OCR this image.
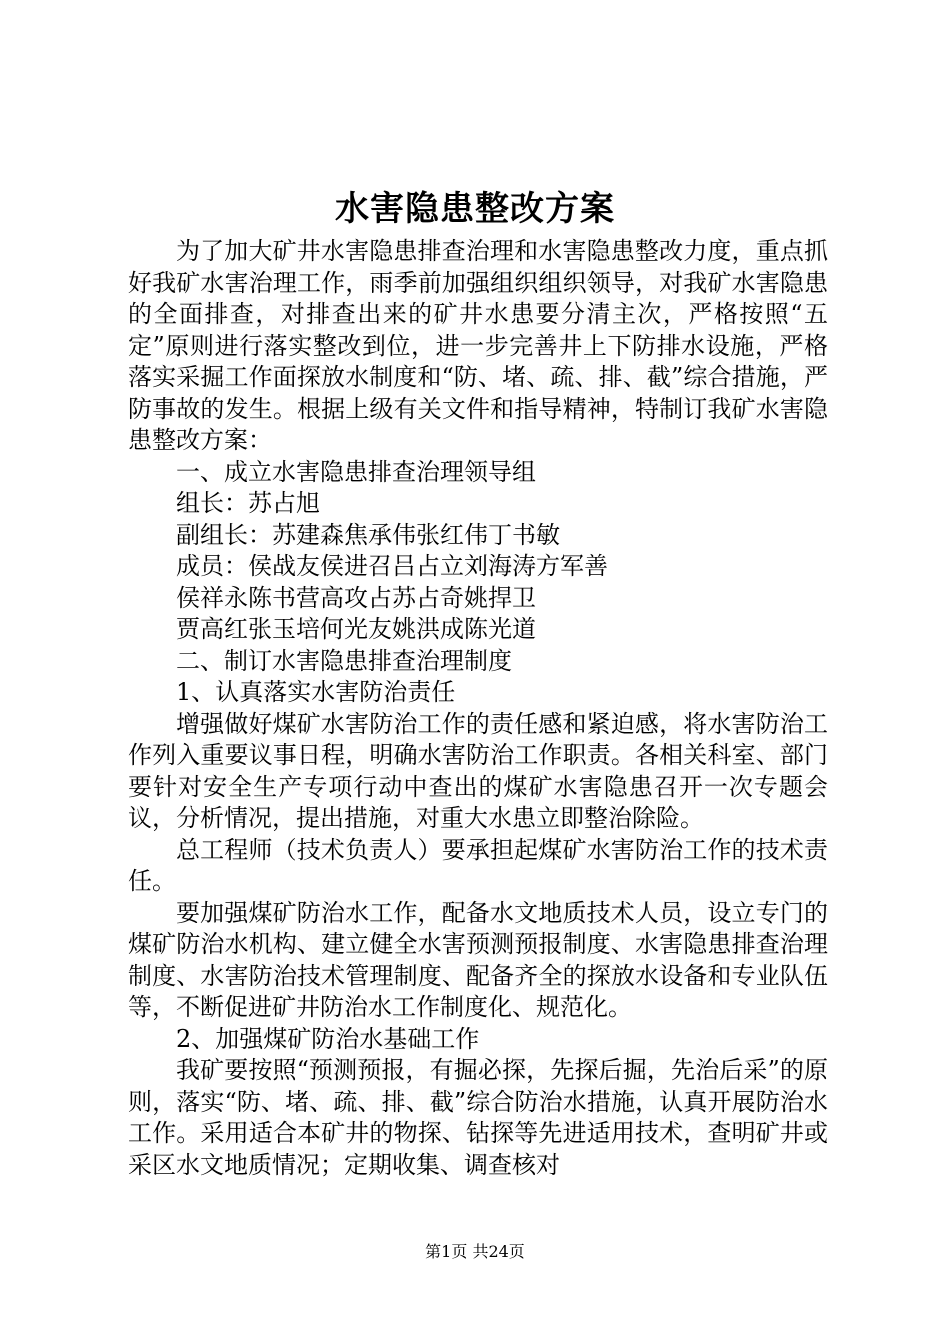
水害隐患整改方案

为了加大矿井水害隐患排查治理和水害隐患整改力度，重点抓好我矿水害治理工作，雨季前加强组织组织领导，对我矿水害隐患的全面排查，对排查出来的矿井水患要分清主次，严格按照“五定”原则进行落实整改到位，进一步完善井上下防排水设施，严格落实采掘工作面探放水制度和“防、堵、疏、排、截”综合措施，严防事故的发生。根据上级有关文件和指导精神，特制订我矿水害隐患整改方案：

一、成立水害隐患排查治理领导组

组长：苏占旭

副组长：苏建森焦承伟张红伟丁书敏

成员：侯战友侯进召吕占立刘海涛方军善

侯祥永陈书营高攻占苏占奇姚捍卫

贾高红张玉培何光友姚洪成陈光道

二、制订水害隐患排查治理制度

1、认真落实水害防治责任

增强做好煤矿水害防治工作的责任感和紧迫感，将水害防治工作列入重要议事日程，明确水害防治工作职责。各相关科室、部门要针对安全生产专项行动中查出的煤矿水害隐患召开一次专题会议，分析情况，提出措施，对重大水患立即整治除险。

总工程师（技术负责人）要承担起煤矿水害防治工作的技术责任。

要加强煤矿防治水工作，配备水文地质技术人员，设立专门的煤矿防治水机构、建立健全水害预测预报制度、水害隐患排查治理制度、水害防治技术管理制度、配备齐全的探放水设备和专业队伍等，不断促进矿井防治水工作制度化、规范化。

2、加强煤矿防治水基础工作

我矿要按照“预测预报，有掘必探，先探后掘，先治后采”的原则，落实“防、堵、疏、排、截”综合防治水措施，认真开展防治水工作。采用适合本矿井的物探、钻探等先进适用技术，查明矿井或采区水文地质情况；定期收集、调查核对

第1页 共24页
